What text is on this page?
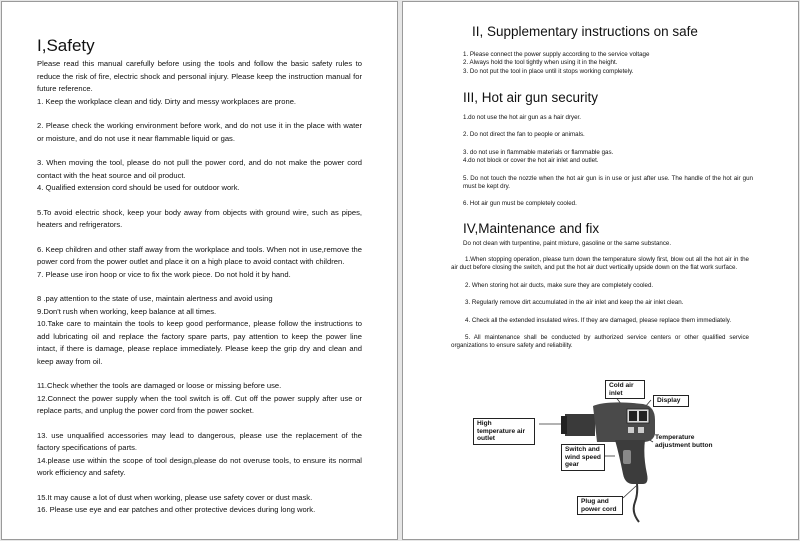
I,Safety

Please read this manual carefully before using the tools and follow the basic safety rules to reduce the risk of fire, electric shock and personal injury. Please keep the instruction manual for future reference.

1. Keep the workplace clean and tidy. Dirty and messy workplaces are prone.

2. Please check the working environment before work, and do not use it in the place with water or moisture, and do not use it near flammable liquid or gas.

3. When moving the tool, please do not pull the power cord, and do not make the power cord contact with the heat source and oil product.

4. Qualified extension cord should be used for outdoor work.

5.To avoid electric shock, keep your body away from objects with ground wire, such as pipes, heaters and refrigerators.

6. Keep children and other staff away from the workplace and tools. When not in use,remove the power cord from the power outlet and place it on a high place to avoid contact with children.

7. Please use iron hoop or vice to fix the work piece. Do not hold it by hand.

8 .pay attention to the state of use, maintain alertness and avoid using

9.Don't rush when working, keep balance at all times.

10.Take care to maintain the tools to keep good performance, please follow the instructions to add lubricating oil and replace the factory spare parts, pay attention to keep the power line intact, if there is damage, please replace immediately. Please keep the grip dry and clean and keep away from oil.

11.Check whether the tools are damaged or loose or missing before use.

12.Connect the power supply when the tool switch is off. Cut off the power supply after use or replace parts, and unplug the power cord from the power socket.

13. use unqualified accessories may lead to dangerous, please use the replacement of the factory specifications of parts.

14.please use within the scope of tool design,please do not overuse tools, to ensure its normal work efficiency and safety.

15.It may cause a lot of dust when working, please use safety cover or dust mask.

16. Please use eye and ear patches and other protective devices during long work.

II, Supplementary instructions on safe

1. Please connect the power supply according to the service voltage

2. Always hold the tool tightly when using it in the height.

3. Do not put the tool in place until it stops working completely.

III, Hot air gun security

1.do not use the hot air gun as a hair dryer.

2. Do not direct the fan to people or animals.

3. do not use in flammable materials or flammable gas.

4.do not block or cover the hot air inlet and outlet.

5. Do not touch the nozzle when the hot air gun is in use or just after use. The handle of the hot air gun must be kept dry.

6. Hot air gun must be completely cooled.

IV,Maintenance and fix

Do not clean with turpentine, paint mixture, gasoline or the same substance.

1.When stopping operation, please turn down the temperature slowly first, blow out all the hot air in the air duct before closing the switch, and put the hot air duct vertically upside down on the flat work surface.

2. When storing hot air ducts, make sure they are completely cooled.

3. Regularly remove dirt accumulated in the air inlet and keep the air inlet clean.

4. Check all the extended insulated wires. If they are damaged, please replace them immediately.

5. All maintenance shall be conducted by authorized service centers or other qualified service organizations to ensure safety and reliability.

Cold air inlet
Display
High temperature air outlet	Temperature adjustment button
Switch and wind speed gear
Plug and power cord
